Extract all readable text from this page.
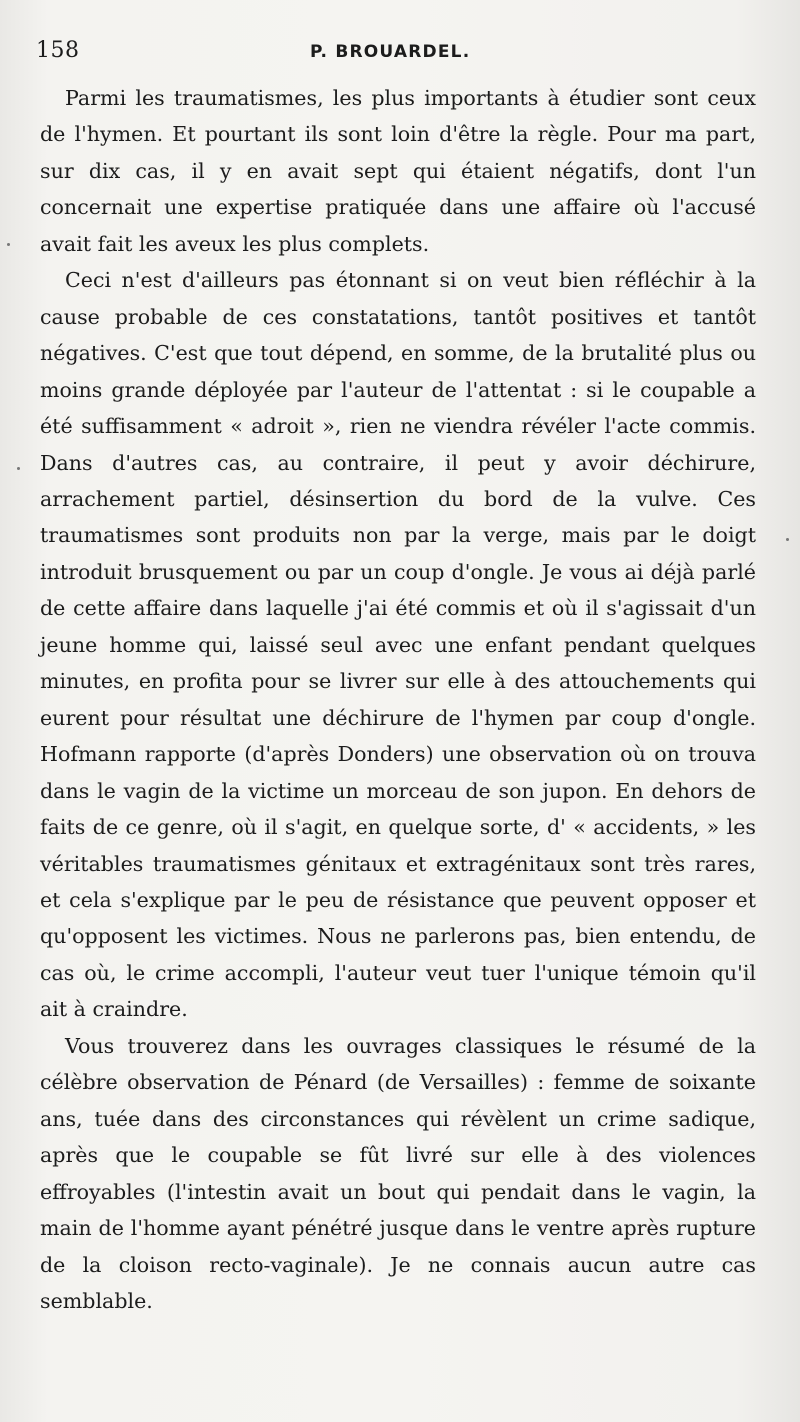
158	P. BROUARDEL.

Parmi les traumatismes, les plus importants à étudier sont ceux de l'hymen. Et pourtant ils sont loin d'être la règle. Pour ma part, sur dix cas, il y en avait sept qui étaient négatifs, dont l'un concernait une expertise pratiquée dans une affaire où l'accusé avait fait les aveux les plus complets.

Ceci n'est d'ailleurs pas étonnant si on veut bien réfléchir à la cause probable de ces constatations, tantôt positives et tantôt négatives. C'est que tout dépend, en somme, de la brutalité plus ou moins grande déployée par l'auteur de l'attentat : si le coupable a été suffisamment « adroit », rien ne viendra révéler l'acte commis. Dans d'autres cas, au contraire, il peut y avoir déchirure, arrachement partiel, désinsertion du bord de la vulve. Ces traumatismes sont produits non par la verge, mais par le doigt introduit brusquement ou par un coup d'ongle. Je vous ai déjà parlé de cette affaire dans laquelle j'ai été commis et où il s'agissait d'un jeune homme qui, laissé seul avec une enfant pendant quelques minutes, en profita pour se livrer sur elle à des attouchements qui eurent pour résultat une déchirure de l'hymen par coup d'ongle. Hofmann rapporte (d'après Donders) une observation où on trouva dans le vagin de la victime un morceau de son jupon. En dehors de faits de ce genre, où il s'agit, en quelque sorte, d' « accidents, » les véritables traumatismes génitaux et extragénitaux sont très rares, et cela s'explique par le peu de résistance que peuvent opposer et qu'opposent les victimes. Nous ne parlerons pas, bien entendu, de cas où, le crime accompli, l'auteur veut tuer l'unique témoin qu'il ait à craindre.

Vous trouverez dans les ouvrages classiques le résumé de la célèbre observation de Pénard (de Versailles) : femme de soixante ans, tuée dans des circonstances qui révèlent un crime sadique, après que le coupable se fût livré sur elle à des violences effroyables (l'intestin avait un bout qui pendait dans le vagin, la main de l'homme ayant pénétré jusque dans le ventre après rupture de la cloison recto-vaginale). Je ne connais aucun autre cas semblable.
